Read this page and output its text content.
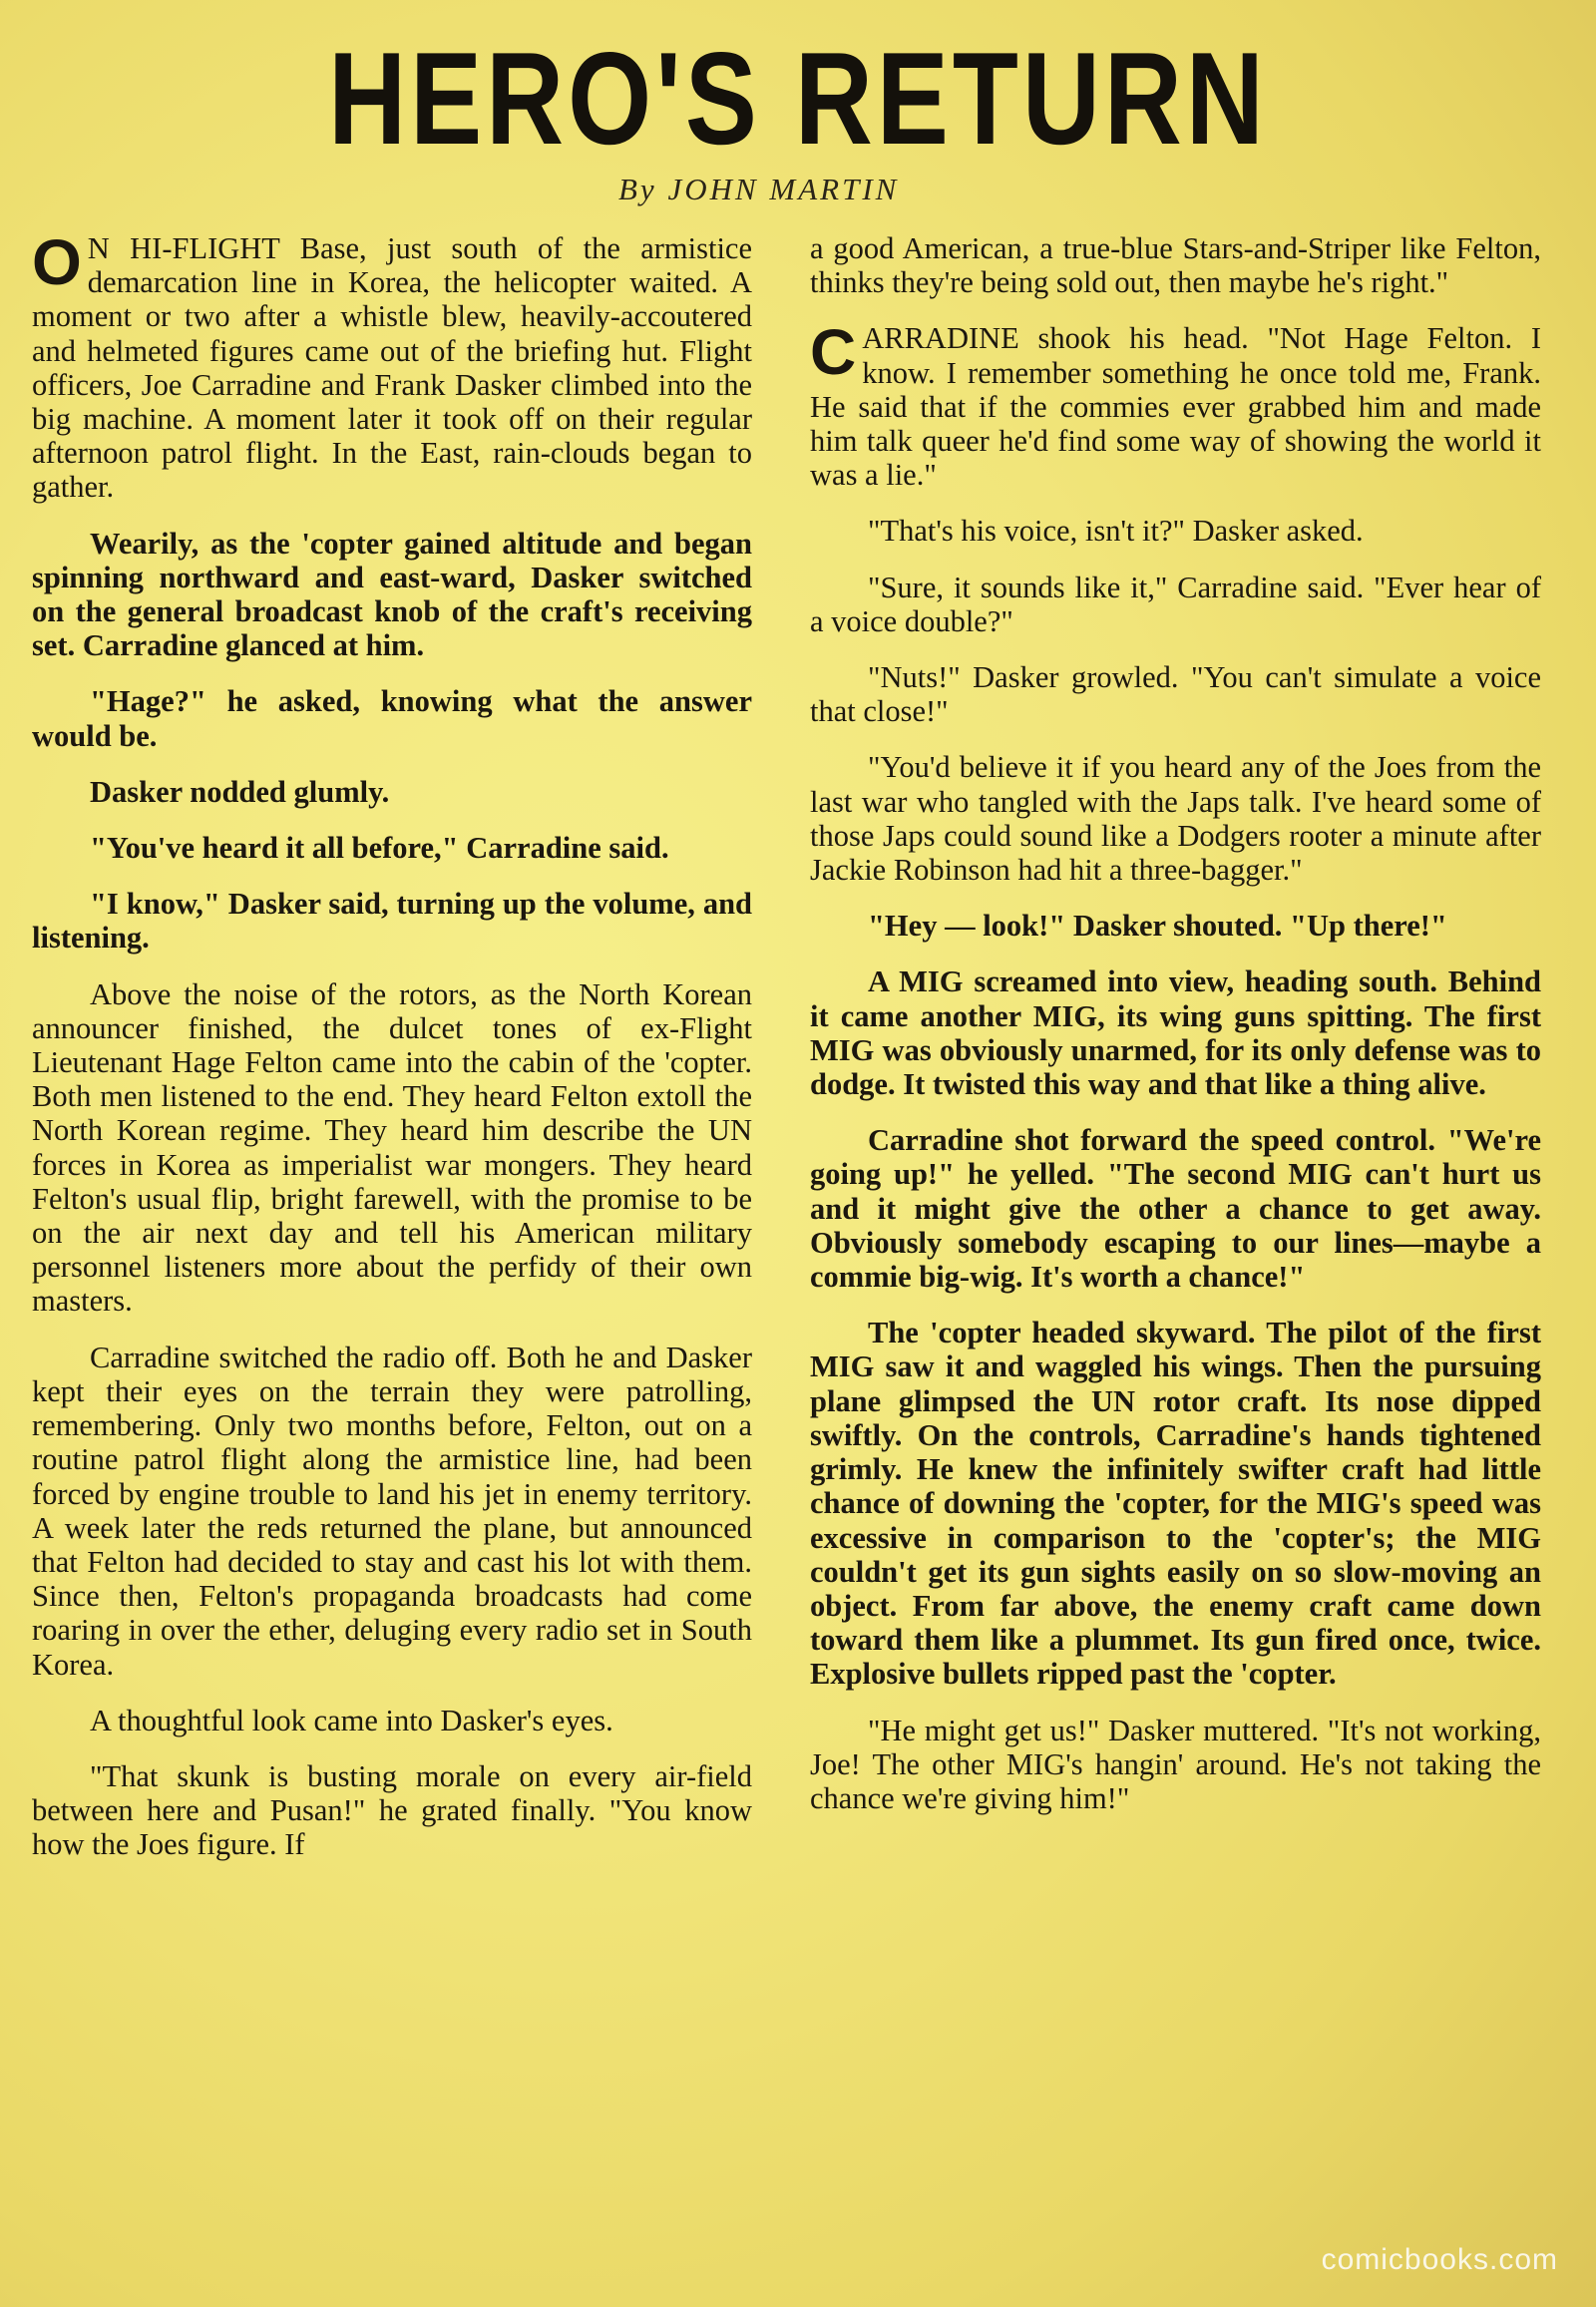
HERO'S RETURN
By JOHN MARTIN

O N HI-FLIGHT Base, just south of the armistice demarcation line in Korea, the helicopter waited. A moment or two after a whistle blew, heavily-accoutered and helmeted figures came out of the briefing hut. Flight officers, Joe Carradine and Frank Dasker climbed into the big machine. A moment later it took off on their regular afternoon patrol flight. In the East, rain-clouds began to gather.

Wearily, as the 'copter gained altitude and began spinning northward and east-ward, Dasker switched on the general broadcast knob of the craft's receiving set. Carradine glanced at him.

"Hage?" he asked, knowing what the answer would be.

Dasker nodded glumly.

"You've heard it all before," Carradine said.

"I know," Dasker said, turning up the volume, and listening.

Above the noise of the rotors, as the North Korean announcer finished, the dulcet tones of ex-Flight Lieutenant Hage Felton came into the cabin of the 'copter. Both men listened to the end. They heard Felton extoll the North Korean regime. They heard him describe the UN forces in Korea as imperialist war mongers. They heard Felton's usual flip, bright farewell, with the promise to be on the air next day and tell his American military personnel listeners more about the perfidy of their own masters.

Carradine switched the radio off. Both he and Dasker kept their eyes on the terrain they were patrolling, remembering. Only two months before, Felton, out on a routine patrol flight along the armistice line, had been forced by engine trouble to land his jet in enemy territory. A week later the reds returned the plane, but announced that Felton had decided to stay and cast his lot with them. Since then, Felton's propaganda broadcasts had come roaring in over the ether, deluging every radio set in South Korea.

A thoughtful look came into Dasker's eyes.

"That skunk is busting morale on every air-field between here and Pusan!" he grated finally. "You know how the Joes figure. If

a good American, a true-blue Stars-and-Striper like Felton, thinks they're being sold out, then maybe he's right."

CARRADINE shook his head. "Not Hage Felton. I know. I remember something he once told me, Frank. He said that if the commies ever grabbed him and made him talk queer he'd find some way of showing the world it was a lie."

"That's his voice, isn't it?" Dasker asked.

"Sure, it sounds like it," Carradine said. "Ever hear of a voice double?"

"Nuts!" Dasker growled. "You can't simulate a voice that close!"

"You'd believe it if you heard any of the Joes from the last war who tangled with the Japs talk. I've heard some of those Japs could sound like a Dodgers rooter a minute after Jackie Robinson had hit a three-bagger."

"Hey — look!" Dasker shouted. "Up there!"

A MIG screamed into view, heading south. Behind it came another MIG, its wing guns spitting. The first MIG was obviously unarmed, for its only defense was to dodge. It twisted this way and that like a thing alive.

Carradine shot forward the speed control. "We're going up!" he yelled. "The second MIG can't hurt us and it might give the other a chance to get away. Obviously somebody escaping to our lines—maybe a commie big-wig. It's worth a chance!"

The 'copter headed skyward. The pilot of the first MIG saw it and waggled his wings. Then the pursuing plane glimpsed the UN rotor craft. Its nose dipped swiftly. On the controls, Carradine's hands tightened grimly. He knew the infinitely swifter craft had little chance of downing the 'copter, for the MIG's speed was excessive in comparison to the 'copter's; the MIG couldn't get its gun sights easily on so slow-moving an object. From far above, the enemy craft came down toward them like a plummet. Its gun fired once, twice. Explosive bullets ripped past the 'copter.

"He might get us!" Dasker muttered. "It's not working, Joe! The other MIG's hangin' around. He's not taking the chance we're giving him!"

comicbooks.com
